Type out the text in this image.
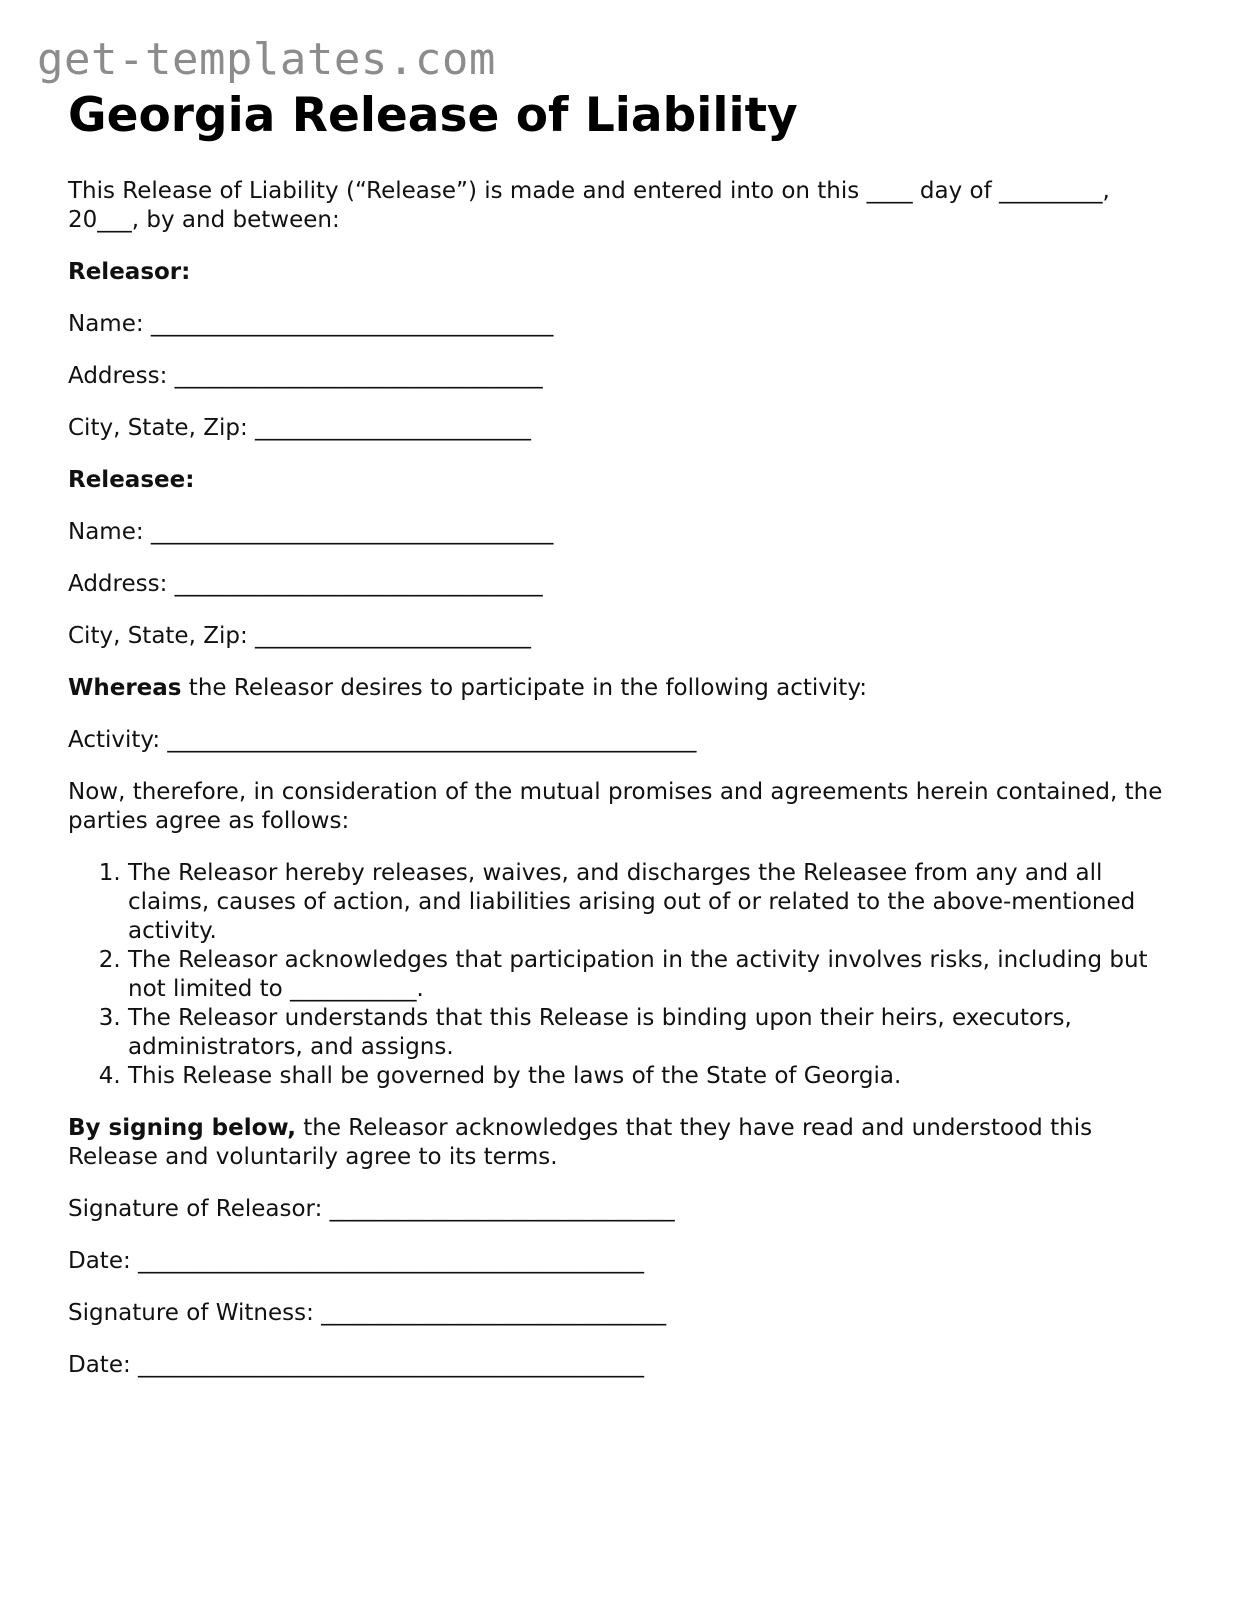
get-templates.com
Georgia Release of Liability

This Release of Liability (“Release”) is made and entered into on this ____ day of _________, 20___, by and between:

Releasor:

Name: ___________________________________

Address: ________________________________

City, State, Zip: ________________________

Releasee:

Name: ___________________________________

Address: ________________________________

City, State, Zip: ________________________

Whereas the Releasor desires to participate in the following activity:

Activity: ______________________________________________

Now, therefore, in consideration of the mutual promises and agreements herein contained, the parties agree as follows:

1. The Releasor hereby releases, waives, and discharges the Releasee from any and all claims, causes of action, and liabilities arising out of or related to the above-mentioned activity.
2. The Releasor acknowledges that participation in the activity involves risks, including but not limited to ___________.
3. The Releasor understands that this Release is binding upon their heirs, executors, administrators, and assigns.
4. This Release shall be governed by the laws of the State of Georgia.

By signing below, the Releasor acknowledges that they have read and understood this Release and voluntarily agree to its terms.

Signature of Releasor: ______________________________

Date: ____________________________________________

Signature of Witness: ______________________________

Date: ____________________________________________
